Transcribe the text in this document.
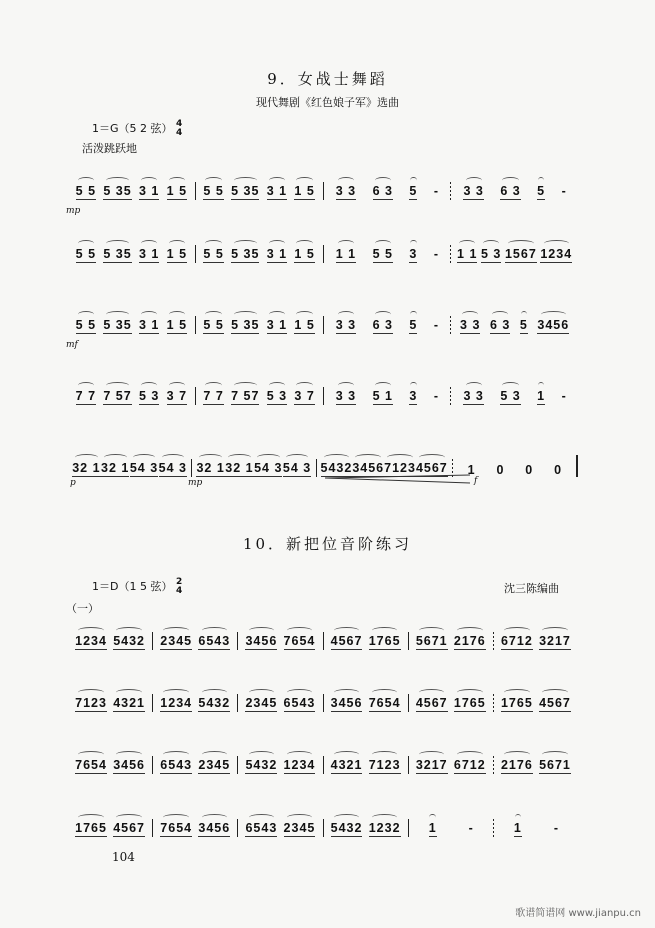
9．女战士舞蹈
现代舞剧《红色娘子军》选曲
1＝G（5 2 弦） 4
4
活泼跳跃地
5 5 5 35 3 1 1 5 5 5 5 35 3 1 1 5 3 3 6 3 5 - 3 3 6 3 5 -
5 5 5 35 3 1 1 5 5 5 5 35 3 1 1 5 1 1 5 5 3 - 1 1 5 3 1567 1234
5 5 5 35 3 1 1 5 5 5 5 35 3 1 1 5 3 3 6 3 5 - 3 3 6 3 5 3456
7 7 7 57 5 3 3 7 7 7 7 57 5 3 3 7 3 3 5 1 3 - 3 3 5 3 1 -
32 1 32 1 54 3 54 3 32 1 32 1 54 3 54 3 5432 3456 7123 4567 1 0 0 0
mp
mf
p	mp	f
10．新把位音阶练习
1＝D（1 5 弦） 2
4	沈三陈编曲
（一）
1234 5432 2345 6543 3456 7654 4567 1765 5671 2176 6712 3217
7123 4321 1234 5432 2345 6543 3456 7654 4567 1765 1765 4567
7654 3456 6543 2345 5432 1234 4321 7123 3217 6712 2176 5671
1765 4567 7654 3456 6543 2345 5432 1232 1	-	1	-
104
歌谱简谱网 www.jianpu.cn
